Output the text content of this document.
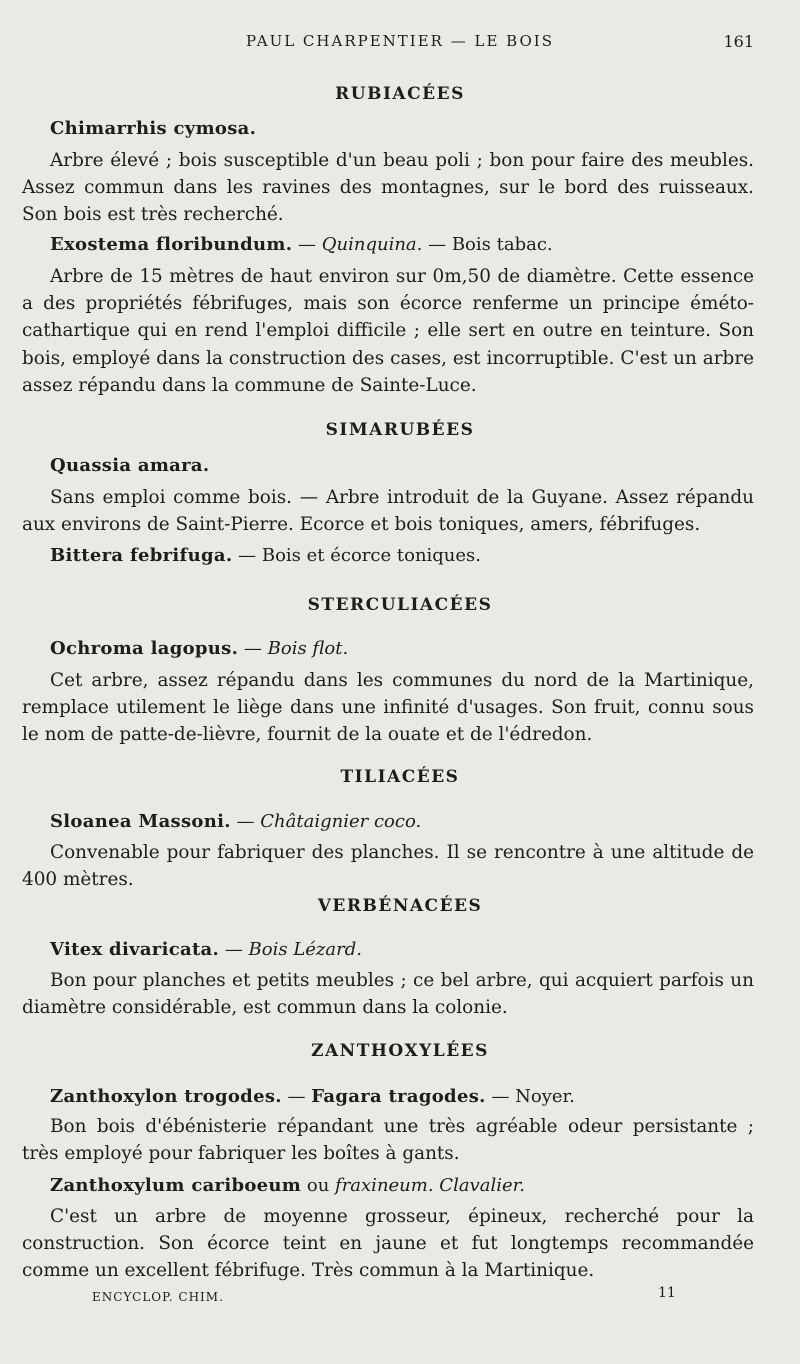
PAUL CHARPENTIER — LE BOIS	161
RUBIACÉES
Chimarrhis cymosa.
Arbre élevé ; bois susceptible d'un beau poli ; bon pour faire des meubles. Assez commun dans les ravines des montagnes, sur le bord des ruisseaux. Son bois est très recherché.
Exostema floribundum. — Quinquina. — Bois tabac.
Arbre de 15 mètres de haut environ sur 0m,50 de diamètre. Cette essence a des propriétés fébrifuges, mais son écorce renferme un principe éméto-cathartique qui en rend l'emploi difficile ; elle sert en outre en teinture. Son bois, employé dans la construction des cases, est incorruptible. C'est un arbre assez répandu dans la commune de Sainte-Luce.
SIMARUBÉES
Quassia amara.
Sans emploi comme bois. — Arbre introduit de la Guyane. Assez répandu aux environs de Saint-Pierre. Ecorce et bois toniques, amers, fébrifuges.
Bittera febrifuga. — Bois et écorce toniques.
STERCULIACÉES
Ochroma lagopus. — Bois flot.
Cet arbre, assez répandu dans les communes du nord de la Martinique, remplace utilement le liège dans une infinité d'usages. Son fruit, connu sous le nom de patte-de-lièvre, fournit de la ouate et de l'édredon.
TILIACÉES
Sloanea Massoni. — Châtaignier coco.
Convenable pour fabriquer des planches. Il se rencontre à une altitude de 400 mètres.
VERBÉNACÉES
Vitex divaricata. — Bois Lézard.
Bon pour planches et petits meubles ; ce bel arbre, qui acquiert parfois un diamètre considérable, est commun dans la colonie.
ZANTHOXYLÉES
Zanthoxylon trogodes. — Fagara tragodes. — Noyer.
Bon bois d'ébénisterie répandant une très agréable odeur persistante ; très employé pour fabriquer les boîtes à gants.
Zanthoxylum cariboeum ou fraxineum. Clavalier.
C'est un arbre de moyenne grosseur, épineux, recherché pour la construction. Son écorce teint en jaune et fut longtemps recommandée comme un excellent fébrifuge. Très commun à la Martinique.
ENCYCLOP. CHIM.	11
